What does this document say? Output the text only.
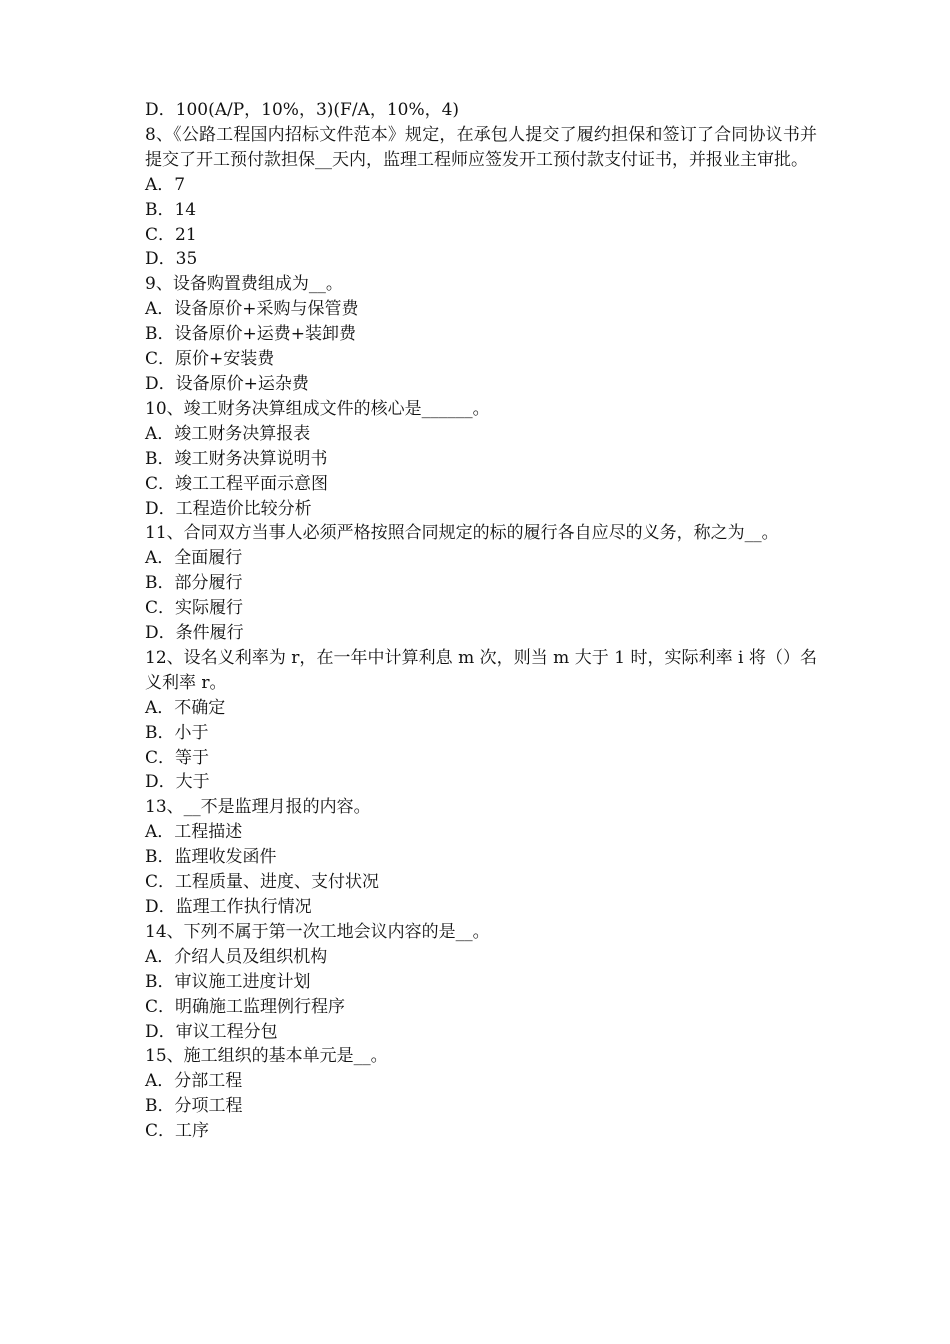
D．100(A/P，10%，3)(F/A，10%，4)
8、《公路工程国内招标文件范本》规定，在承包人提交了履约担保和签订了合同协议书并提交了开工预付款担保__天内，监理工程师应签发开工预付款支付证书，并报业主审批。
A．7
B．14
C．21
D．35
9、设备购置费组成为__。
A．设备原价+采购与保管费
B．设备原价+运费+装卸费
C．原价+安装费
D．设备原价+运杂费
10、竣工财务决算组成文件的核心是______。
A．竣工财务决算报表
B．竣工财务决算说明书
C．竣工工程平面示意图
D．工程造价比较分析
11、合同双方当事人必须严格按照合同规定的标的履行各自应尽的义务，称之为__。
A．全面履行
B．部分履行
C．实际履行
D．条件履行
12、设名义利率为 r，在一年中计算利息 m 次，则当 m 大于 1 时，实际利率 i 将（）名义利率 r。
A．不确定
B．小于
C．等于
D．大于
13、__不是监理月报的内容。
A．工程描述
B．监理收发函件
C．工程质量、进度、支付状况
D．监理工作执行情况
14、下列不属于第一次工地会议内容的是__。
A．介绍人员及组织机构
B．审议施工进度计划
C．明确施工监理例行程序
D．审议工程分包
15、施工组织的基本单元是__。
A．分部工程
B．分项工程
C．工序
